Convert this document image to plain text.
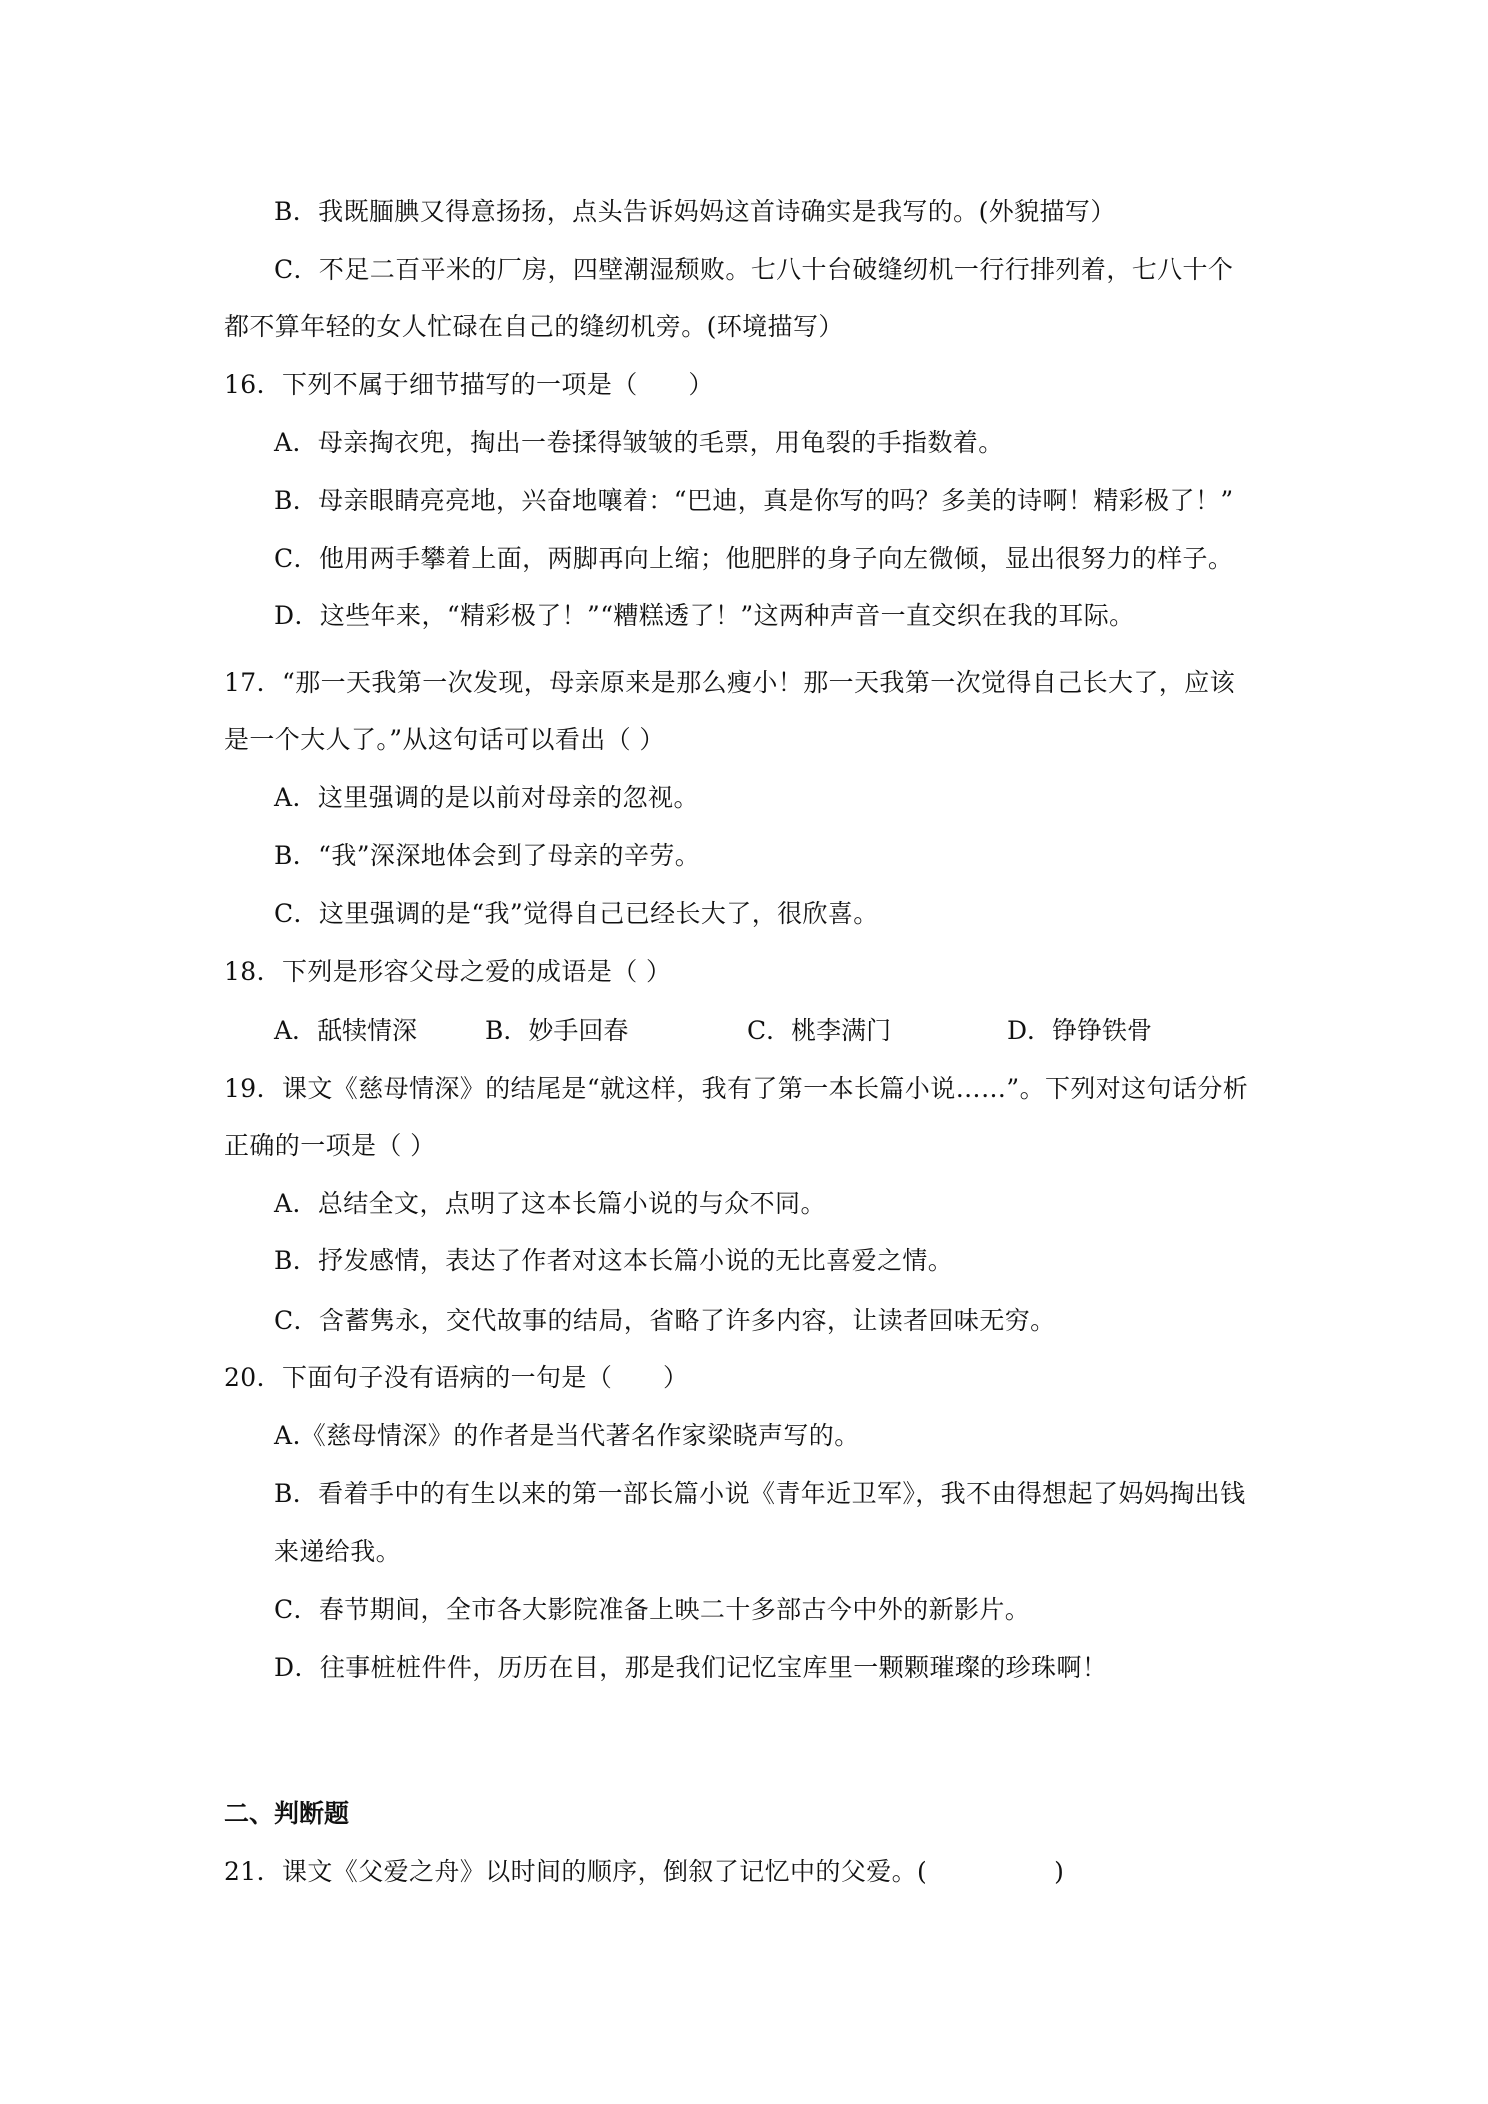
B．我既腼腆又得意扬扬，点头告诉妈妈这首诗确实是我写的。(外貌描写）
C．不足二百平米的厂房，四壁潮湿颓败。七八十台破缝纫机一行行排列着，七八十个
都不算年轻的女人忙碌在自己的缝纫机旁。(环境描写）
16．下列不属于细节描写的一项是（　　）
A．母亲掏衣兜，掏出一卷揉得皱皱的毛票，用龟裂的手指数着。
B．母亲眼睛亮亮地，兴奋地嚷着：“巴迪，真是你写的吗？多美的诗啊！精彩极了！”
C．他用两手攀着上面，两脚再向上缩；他肥胖的身子向左微倾，显出很努力的样子。
D．这些年来，“精彩极了！”“糟糕透了！”这两种声音一直交织在我的耳际。
17．“那一天我第一次发现，母亲原来是那么瘦小！那一天我第一次觉得自己长大了，应该
是一个大人了。”从这句话可以看出（ ）
A．这里强调的是以前对母亲的忽视。
B．“我”深深地体会到了母亲的辛劳。
C．这里强调的是“我”觉得自己已经长大了，很欣喜。
18．下列是形容父母之爱的成语是（ ）
A．舐犊情深	B．妙手回春	C．桃李满门	D．铮铮铁骨
19．课文《慈母情深》的结尾是“就这样，我有了第一本长篇小说……”。下列对这句话分析
正确的一项是（ ）
A．总结全文，点明了这本长篇小说的与众不同。
B．抒发感情，表达了作者对这本长篇小说的无比喜爱之情。
C．含蓄隽永，交代故事的结局，省略了许多内容，让读者回味无穷。
20．下面句子没有语病的一句是（　　）
A.《慈母情深》的作者是当代著名作家梁晓声写的。
B．看着手中的有生以来的第一部长篇小说《青年近卫军》，我不由得想起了妈妈掏出钱
来递给我。
C．春节期间，全市各大影院准备上映二十多部古今中外的新影片。
D．往事桩桩件件，历历在目，那是我们记忆宝库里一颗颗璀璨的珍珠啊！
二、判断题
21．课文《父爱之舟》以时间的顺序，倒叙了记忆中的父爱。(　　　　　)
